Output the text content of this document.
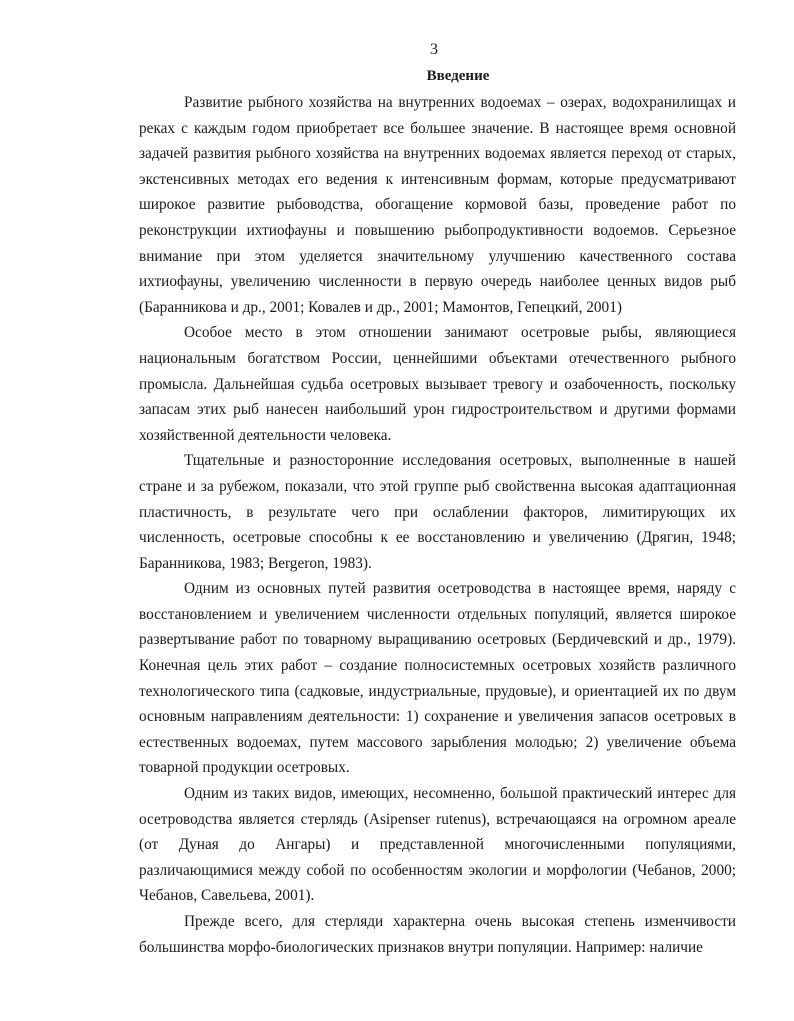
3
Введение

Развитие рыбного хозяйства на внутренних водоемах – озерах, водохранилищах и реках с каждым годом приобретает все большее значение. В настоящее время основной задачей развития рыбного хозяйства на внутренних водоемах является переход от старых, экстенсивных методах его ведения к интенсивным формам, которые предусматривают широкое развитие рыбоводства, обогащение кормовой базы, проведение работ по реконструкции ихтиофауны и повышению рыбопродуктивности водоемов. Серьезное внимание при этом уделяется значительному улучшению качественного состава ихтиофауны, увеличению численности в первую очередь наиболее ценных видов рыб (Баранникова и др., 2001; Ковалев и др., 2001; Мамонтов, Гепецкий, 2001)

Особое место в этом отношении занимают осетровые рыбы, являющиеся национальным богатством России, ценнейшими объектами отечественного рыбного промысла. Дальнейшая судьба осетровых вызывает тревогу и озабоченность, поскольку запасам этих рыб нанесен наибольший урон гидростроительством и другими формами хозяйственной деятельности человека.

Тщательные и разносторонние исследования осетровых, выполненные в нашей стране и за рубежом, показали, что этой группе рыб свойственна высокая адаптационная пластичность, в результате чего при ослаблении факторов, лимитирующих их численность, осетровые способны к ее восстановлению и увеличению (Дрягин, 1948; Баранникова, 1983; Bergeron, 1983).

Одним из основных путей развития осетроводства в настоящее время, наряду с восстановлением и увеличением численности отдельных популяций, является широкое развертывание работ по товарному выращиванию осетровых (Бердичевский и др., 1979). Конечная цель этих работ – создание полносистемных осетровых хозяйств различного технологического типа (садковые, индустриальные, прудовые), и ориентацией их по двум основным направлениям деятельности: 1) сохранение и увеличения запасов осетровых в естественных водоемах, путем массового зарыбления молодью; 2) увеличение объема товарной продукции осетровых.

Одним из таких видов, имеющих, несомненно, большой практический интерес для осетроводства является стерлядь (Asipenser rutenus), встречающаяся на огромном ареале (от Дуная до Ангары) и представленной многочисленными популяциями, различающимися между собой по особенностям экологии и морфологии (Чебанов, 2000; Чебанов, Савельева, 2001).

Прежде всего, для стерляди характерна очень высокая степень изменчивости большинства морфо-биологических признаков внутри популяции. Например: наличие
